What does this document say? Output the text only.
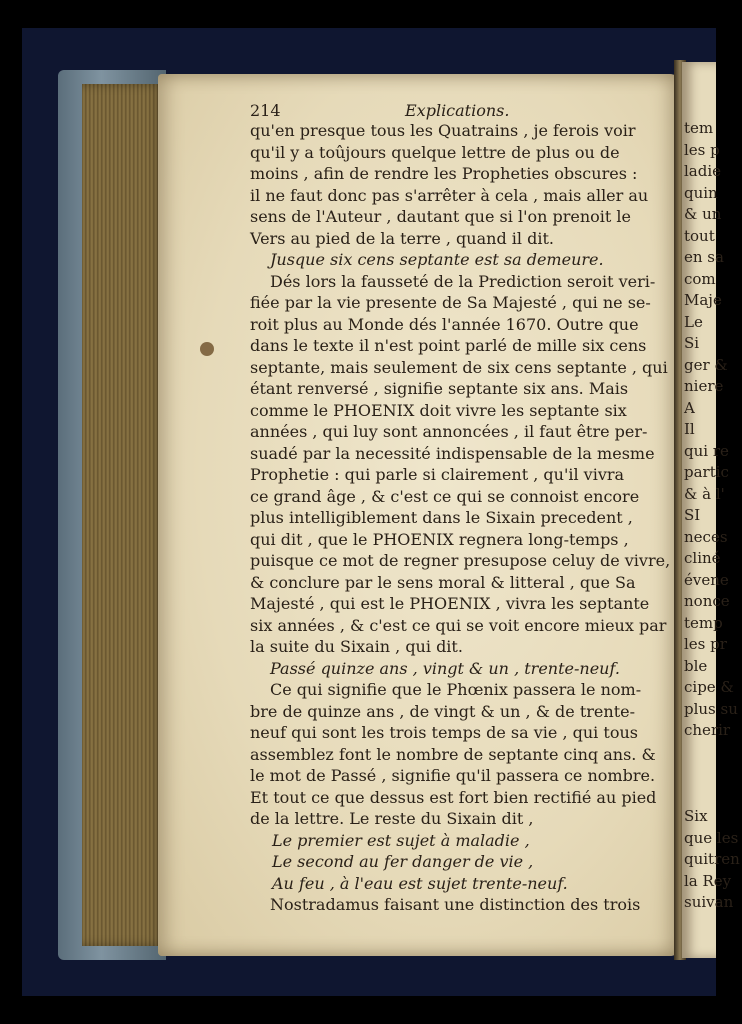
214	Explications.
qu'en presque tous les Quatrains , je ferois voir
qu'il y a toûjours quelque lettre de plus ou de
moins , afin de rendre les Propheties obscures :
il ne faut donc pas s'arrêter à cela , mais aller au
sens de l'Auteur , dautant que si l'on prenoit le
Vers au pied de la terre , quand il dit.
Jusque six cens septante est sa demeure.
Dés lors la fausseté de la Prediction seroit veri-
fiée par la vie presente de Sa Majesté , qui ne se-
roit plus au Monde dés l'année 1670. Outre que
dans le texte il n'est point parlé de mille six cens
septante, mais seulement de six cens septante , qui
étant renversé , signifie septante six ans. Mais
comme le PHOENIX doit vivre les septante six
années , qui luy sont annoncées , il faut être per-
suadé par la necessité indispensable de la mesme
Prophetie : qui parle si clairement , qu'il vivra
ce grand âge , & c'est ce qui se connoist encore
plus intelligiblement dans le Sixain precedent ,
qui dit , que le PHOENIX regnera long-temps ,
puisque ce mot de regner presupose celuy de vivre,
& conclure par le sens moral & litteral , que Sa
Majesté , qui est le PHOENIX , vivra les septante
six années , & c'est ce qui se voit encore mieux par
la suite du Sixain , qui dit.
Passé quinze ans , vingt & un , trente-neuf.
Ce qui signifie que le Phœnix passera le nom-
bre de quinze ans , de vingt & un , & de trente-
neuf qui sont les trois temps de sa vie , qui tous
assemblez font le nombre de septante cinq ans. &
le mot de Passé , signifie qu'il passera ce nombre.
Et tout ce que dessus est fort bien rectifié au pied
de la lettre. Le reste du Sixain dit ,
Le premier est sujet à maladie ,
Le second au fer danger de vie ,
Au feu , à l'eau est sujet trente-neuf.
Nostradamus faisant une distinction des trois
tem
les p
ladie
quin
& un
tout
en sa
com
Maje
Le
Si
ger &
niere
A
Il
qui re
partic
& à l'
SI
neces
cliné
évene
nonce
temp
les pr
ble
cipe &
plus su
cherir
Six
que les
quitren
la Rey
suivan
